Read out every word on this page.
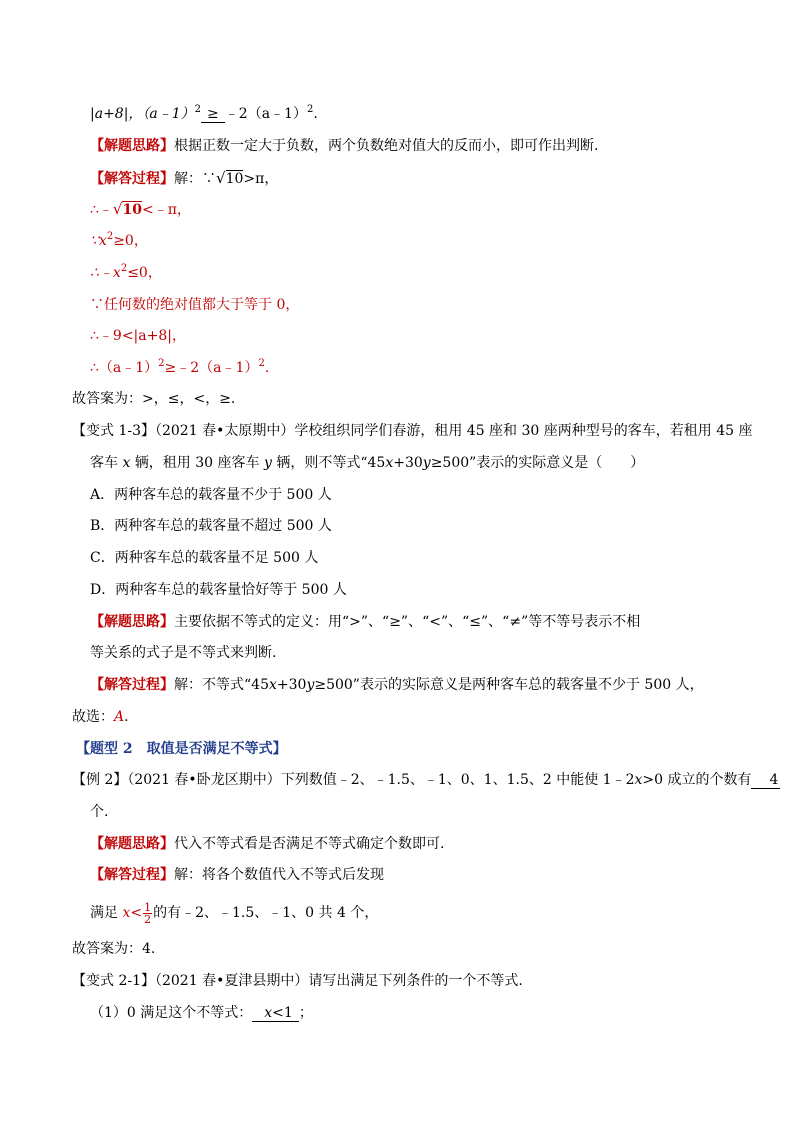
|a+8|，（a﹣1）$^2$ ≥ ﹣2（a﹣1）$^2$.
【解题思路】根据正数一定大于负数，两个负数绝对值大的反而小，即可作出判断.
【解答过程】解：∵√10>π，
∴﹣√10<﹣π，
$\because x^2\ge 0$，
$\therefore﹣x^2\le 0$，
∵任何数的绝对值都大于等于 0，
∴﹣9<|a+8|，
∴（a﹣1）$^2$≥﹣2（a﹣1）$^2$.
故答案为：>，≤，<，≥.
【变式 1-3】（2021 春•太原期中）学校组织同学们春游，租用 45 座和 30 座两种型号的客车，若租用 45 座
客车 x 辆，租用 30 座客车 y 辆，则不等式“45x+30y≥500”表示的实际意义是（　　）
A．两种客车总的载客量不少于 500 人
B．两种客车总的载客量不超过 500 人
C．两种客车总的载客量不足 500 人
D．两种客车总的载客量恰好等于 500 人
【解题思路】主要依据不等式的定义：用“>”、“≥”、“<”、“≤”、“≠”等不等号表示不相
等关系的式子是不等式来判断.
【解答过程】解：不等式“45x+30y≥500”表示的实际意义是两种客车总的载客量不少于 500 人，
故选：A.
【题型 2　取值是否满足不等式】
【例 2】（2021 春•卧龙区期中）下列数值﹣2、﹣1.5、﹣1、0、1、1.5、2 中能使 1﹣2x>0 成立的个数有 4
个.
【解题思路】代入不等式看是否满足不等式确定个数即可.
【解答过程】解：将各个数值代入不等式后发现
满足 $x< \frac{1}{2}$ 的有﹣2、﹣1.5、﹣1、0 共 4 个，
故答案为：4.
【变式 2-1】（2021 春•夏津县期中）请写出满足下列条件的一个不等式.
（1）0 满足这个不等式： x<1 ；
